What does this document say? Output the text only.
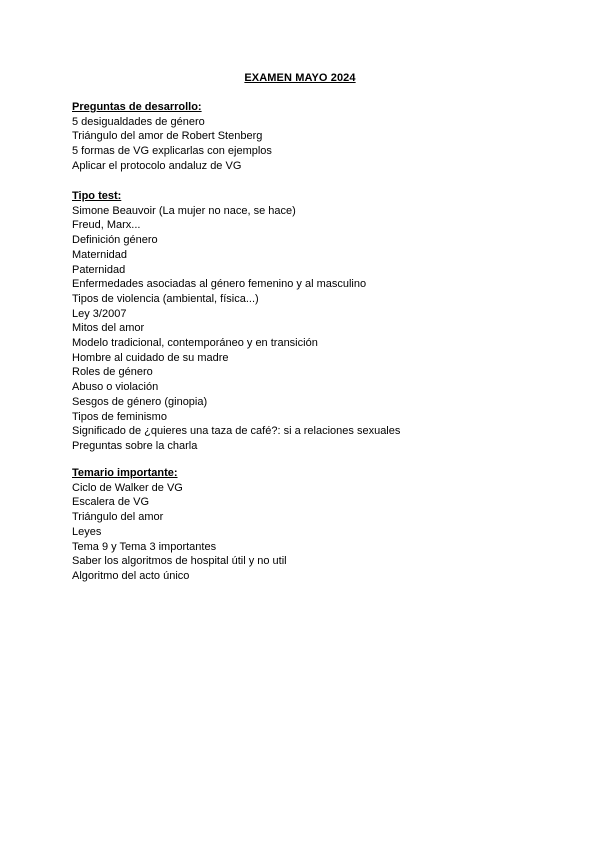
EXAMEN MAYO 2024
Preguntas de desarrollo:
5 desigualdades de género
Triángulo del amor de Robert Stenberg
5 formas de VG explicarlas con ejemplos
Aplicar el protocolo andaluz de VG
Tipo test:
Simone Beauvoir (La mujer no nace, se hace)
Freud, Marx...
Definición género
Maternidad
Paternidad
Enfermedades asociadas al género femenino y al masculino
Tipos de violencia (ambiental, física...)
Ley 3/2007
Mitos del amor
Modelo tradicional, contemporáneo y en transición
Hombre al cuidado de su madre
Roles de género
Abuso o violación
Sesgos de género (ginopia)
Tipos de feminismo
Significado de ¿quieres una taza de café?: si a relaciones sexuales
Preguntas sobre la charla
Temario importante:
Ciclo de Walker de VG
Escalera de VG
Triángulo del amor
Leyes
Tema 9 y Tema 3 importantes
Saber los algoritmos de hospital útil y no util
Algoritmo del acto único
